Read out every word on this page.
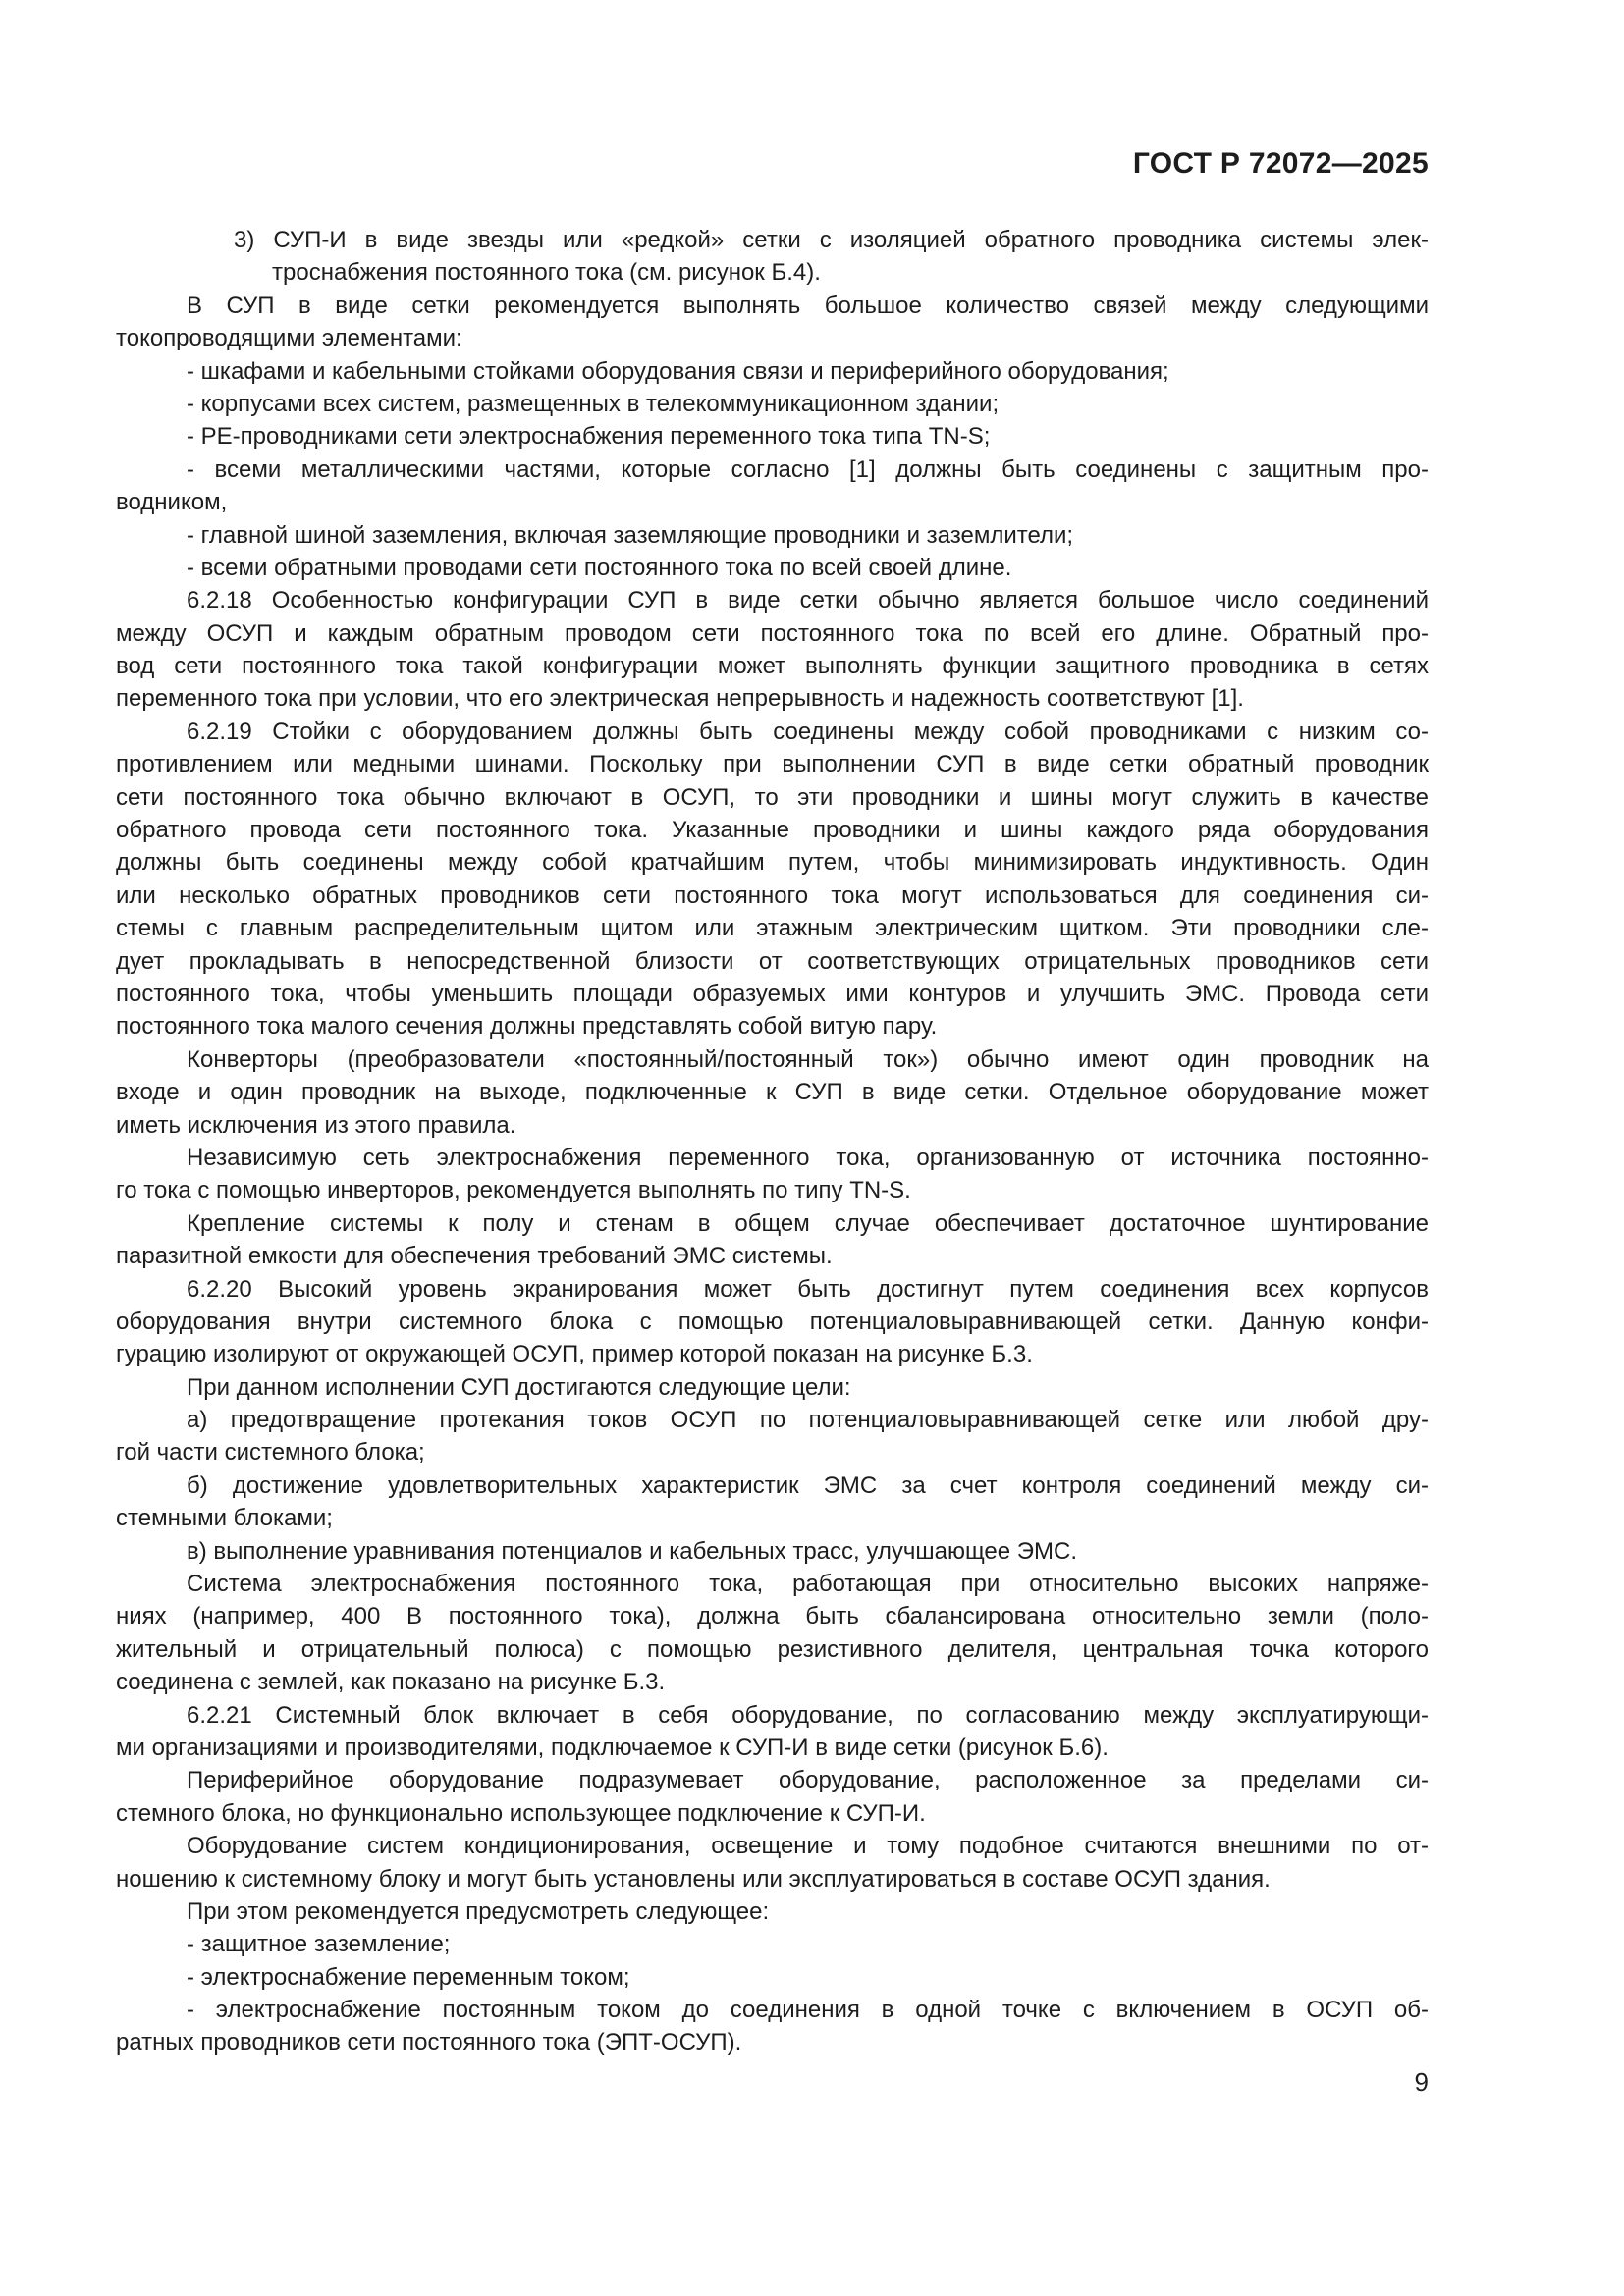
ГОСТ Р 72072—2025
3) СУП-И в виде звезды или «редкой» сетки с изоляцией обратного проводника системы элек-
троснабжения постоянного тока (см. рисунок Б.4).
В СУП в виде сетки рекомендуется выполнять большое количество связей между следующими
токопроводящими элементами:
- шкафами и кабельными стойками оборудования связи и периферийного оборудования;
- корпусами всех систем, размещенных в телекоммуникационном здании;
- PE-проводниками сети электроснабжения переменного тока типа TN-S;
- всеми металлическими частями, которые согласно [1] должны быть соединены с защитным про-
водником,
- главной шиной заземления, включая заземляющие проводники и заземлители;
- всеми обратными проводами сети постоянного тока по всей своей длине.
6.2.18 Особенностью конфигурации СУП в виде сетки обычно является большое число соединений
между ОСУП и каждым обратным проводом сети постоянного тока по всей его длине. Обратный про-
вод сети постоянного тока такой конфигурации может выполнять функции защитного проводника в сетях
переменного тока при условии, что его электрическая непрерывность и надежность соответствуют [1].
6.2.19 Стойки с оборудованием должны быть соединены между собой проводниками с низким со-
противлением или медными шинами. Поскольку при выполнении СУП в виде сетки обратный проводник
сети постоянного тока обычно включают в ОСУП, то эти проводники и шины могут служить в качестве
обратного провода сети постоянного тока. Указанные проводники и шины каждого ряда оборудования
должны быть соединены между собой кратчайшим путем, чтобы минимизировать индуктивность. Один
или несколько обратных проводников сети постоянного тока могут использоваться для соединения си-
стемы с главным распределительным щитом или этажным электрическим щитком. Эти проводники сле-
дует прокладывать в непосредственной близости от соответствующих отрицательных проводников сети
постоянного тока, чтобы уменьшить площади образуемых ими контуров и улучшить ЭМС. Провода сети
постоянного тока малого сечения должны представлять собой витую пару.
Конверторы (преобразователи «постоянный/постоянный ток») обычно имеют один проводник на
входе и один проводник на выходе, подключенные к СУП в виде сетки. Отдельное оборудование может
иметь исключения из этого правила.
Независимую сеть электроснабжения переменного тока, организованную от источника постоянно-
го тока с помощью инверторов, рекомендуется выполнять по типу TN-S.
Крепление системы к полу и стенам в общем случае обеспечивает достаточное шунтирование
паразитной емкости для обеспечения требований ЭМС системы.
6.2.20 Высокий уровень экранирования может быть достигнут путем соединения всех корпусов
оборудования внутри системного блока с помощью потенциаловыравнивающей сетки. Данную конфи-
гурацию изолируют от окружающей ОСУП, пример которой показан на рисунке Б.3.
При данном исполнении СУП достигаются следующие цели:
а) предотвращение протекания токов ОСУП по потенциаловыравнивающей сетке или любой дру-
гой части системного блока;
б) достижение удовлетворительных характеристик ЭМС за счет контроля соединений между си-
стемными блоками;
в) выполнение уравнивания потенциалов и кабельных трасс, улучшающее ЭМС.
Система электроснабжения постоянного тока, работающая при относительно высоких напряже-
ниях (например, 400 В постоянного тока), должна быть сбалансирована относительно земли (поло-
жительный и отрицательный полюса) с помощью резистивного делителя, центральная точка которого
соединена с землей, как показано на рисунке Б.3.
6.2.21 Системный блок включает в себя оборудование, по согласованию между эксплуатирующи-
ми организациями и производителями, подключаемое к СУП-И в виде сетки (рисунок Б.6).
Периферийное оборудование подразумевает оборудование, расположенное за пределами си-
стемного блока, но функционально использующее подключение к СУП-И.
Оборудование систем кондиционирования, освещение и тому подобное считаются внешними по от-
ношению к системному блоку и могут быть установлены или эксплуатироваться в составе ОСУП здания.
При этом рекомендуется предусмотреть следующее:
- защитное заземление;
- электроснабжение переменным током;
- электроснабжение постоянным током до соединения в одной точке с включением в ОСУП об-
ратных проводников сети постоянного тока (ЭПТ-ОСУП).
9
